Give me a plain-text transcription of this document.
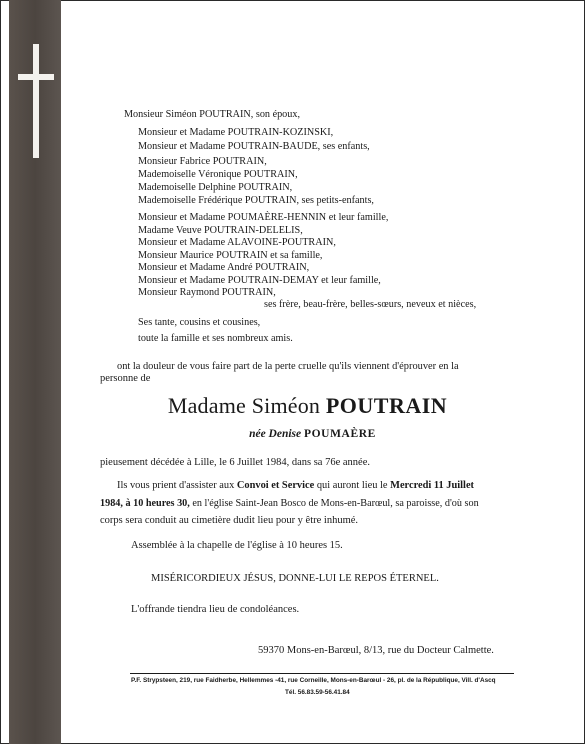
Monsieur Siméon POUTRAIN, son époux,
Monsieur et Madame POUTRAIN-KOZINSKI,
Monsieur et Madame POUTRAIN-BAUDE, ses enfants,
Monsieur Fabrice POUTRAIN,
Mademoiselle Véronique POUTRAIN,
Mademoiselle Delphine POUTRAIN,
Mademoiselle Frédérique POUTRAIN, ses petits-enfants,
Monsieur et Madame POUMAÈRE-HENNIN et leur famille,
Madame Veuve POUTRAIN-DELELIS,
Monsieur et Madame ALAVOINE-POUTRAIN,
Monsieur Maurice POUTRAIN et sa famille,
Monsieur et Madame André POUTRAIN,
Monsieur et Madame POUTRAIN-DEMAY et leur famille,
Monsieur Raymond POUTRAIN,
ses frère, beau-frère, belles-sœurs, neveux et nièces,
Ses tante, cousins et cousines,
toute la famille et ses nombreux amis.
ont la douleur de vous faire part de la perte cruelle qu'ils viennent d'éprouver en la
personne de
Madame Siméon POUTRAIN
née Denise POUMAÈRE
pieusement décédée à Lille, le 6 Juillet 1984, dans sa 76e année.
Ils vous prient d'assister aux Convoi et Service qui auront lieu le Mercredi 11 Juillet
1984, à 10 heures 30, en l'église Saint-Jean Bosco de Mons-en-Barœul, sa paroisse, d'où son
corps sera conduit au cimetière dudit lieu pour y être inhumé.
Assemblée à la chapelle de l'église à 10 heures 15.
MISÉRICORDIEUX JÉSUS, DONNE-LUI LE REPOS ÉTERNEL.
L'offrande tiendra lieu de condoléances.
59370 Mons-en-Barœul, 8/13, rue du Docteur Calmette.
P.F. Strypsteen, 219, rue Faidherbe, Hellemmes -41, rue Corneille, Mons-en-Barœul - 26, pl. de la République, Vill. d'Ascq
Tél. 56.83.59-56.41.84
